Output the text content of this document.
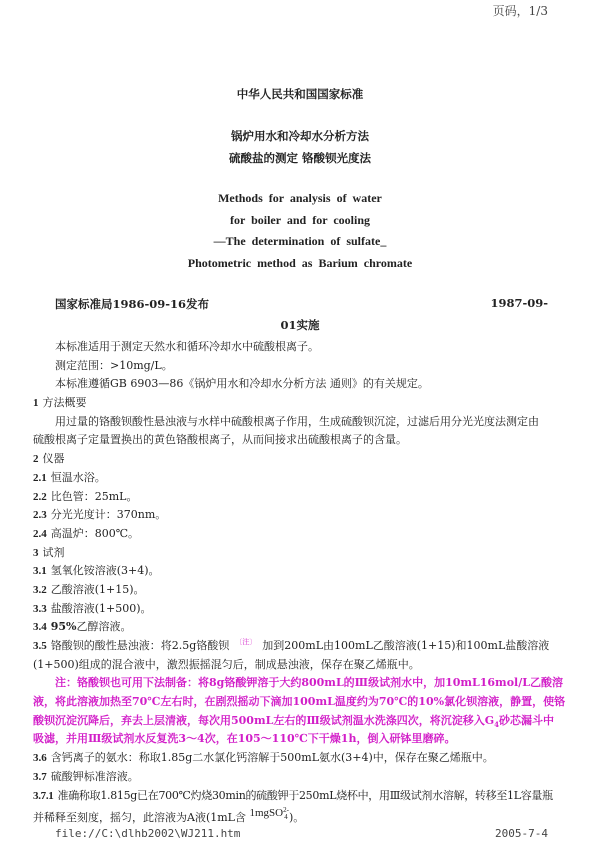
页码，1/3
中华人民共和国国家标准
锅炉用水和冷却水分析方法
硫酸盐的测定 铬酸钡光度法
Methods for analysis of water
for boiler and for cooling
—The determination of sulfate_
Photometric method as Barium chromate
国家标准局1986-09-16发布	1987-09-
01实施
本标准适用于测定天然水和循环冷却水中硫酸根离子。
测定范围：>10mg/L。
本标准遵循GB 6903—86《锅炉用水和冷却水分析方法 通则》的有关规定。
1 方法概要
用过量的铬酸钡酸性悬浊液与水样中硫酸根离子作用，生成硫酸钡沉淀，过滤后用分光光度法测定由
硫酸根离子定量置换出的黄色铬酸根离子，从而间接求出硫酸根离子的含量。
2 仪器
2.1 恒温水浴。
2.2 比色管：25mL。
2.3 分光光度计：370nm。
2.4 高温炉：800℃。
3 试剂
3.1 氢氧化铵溶液(3+4)。
3.2 乙酸溶液(1+15)。
3.3 盐酸溶液(1+500)。
3.4 95%乙醇溶液。
3.5 铬酸钡的酸性悬浊液：将2.5g铬酸钡 $^{〔注〕}$ 加到200mL由100mL乙酸溶液(1+15)和100mL盐酸溶液
(1+500)组成的混合液中，激烈振摇混匀后，制成悬浊液，保存在聚乙烯瓶中。
注：铬酸钡也可用下法制备：将8g铬酸钾溶于大约800mL的Ⅲ级试剂水中，加10mL16mol/L乙酸溶
液，将此溶液加热至70℃左右时，在剧烈摇动下滴加100mL温度约为70℃的10%氯化钡溶液，静置，使铬
酸钡沉淀沉降后，弃去上层清液，每次用500mL左右的Ⅲ级试剂温水洗涤四次，将沉淀移入$G_4$砂芯漏斗中
吸滤，并用Ⅲ级试剂水反复洗3～4次，在105～110℃下干燥1h，倒入研钵里磨碎。
3.6 含钙离子的氨水：称取1.85g二水氯化钙溶解于500mL氨水(3+4)中，保存在聚乙烯瓶中。
3.7 硫酸钾标准溶液。
3.7.1 准确称取1.815g已在700℃灼烧30min的硫酸钾于250mL烧杯中，用Ⅲ级试剂水溶解，转移至1L容量瓶
并稀释至刻度，摇匀，此溶液为A液(1mL含 1mgSO2-
4)。
file://C:\dlhb2002\WJ211.htm	2005-7-4
